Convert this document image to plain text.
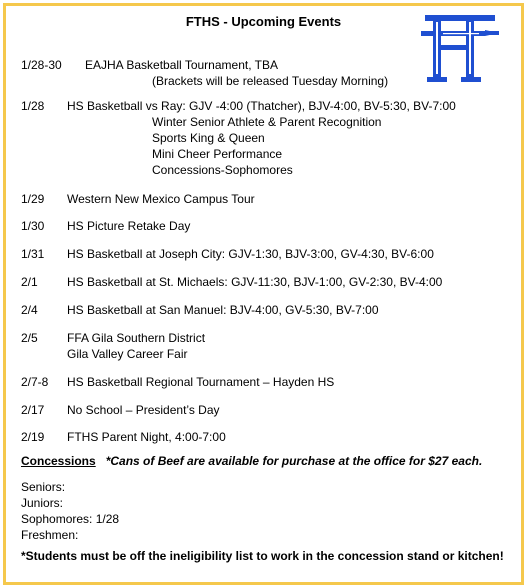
FTHS - Upcoming Events
1/28-30 EAJHA Basketball Tournament, TBA
(Brackets will be released Tuesday Morning)
1/28 HS Basketball vs Ray: GJV -4:00 (Thatcher), BJV-4:00, BV-5:30, BV-7:00
Winter Senior Athlete & Parent Recognition
Sports King & Queen
Mini Cheer Performance
Concessions-Sophomores
1/29 Western New Mexico Campus Tour
1/30 HS Picture Retake Day
1/31 HS Basketball at Joseph City: GJV-1:30, BJV-3:00, GV-4:30, BV-6:00
2/1 HS Basketball at St. Michaels: GJV-11:30, BJV-1:00, GV-2:30, BV-4:00
2/4 HS Basketball at San Manuel: BJV-4:00, GV-5:30, BV-7:00
2/5 FFA Gila Southern District
Gila Valley Career Fair
2/7-8 HS Basketball Regional Tournament – Hayden HS
2/17 No School – President’s Day
2/19 FTHS Parent Night, 4:00-7:00
Concessions *Cans of Beef are available for purchase at the office for $27 each.
Seniors:
Juniors:
Sophomores: 1/28
Freshmen:
*Students must be off the ineligibility list to work in the concession stand or kitchen!
